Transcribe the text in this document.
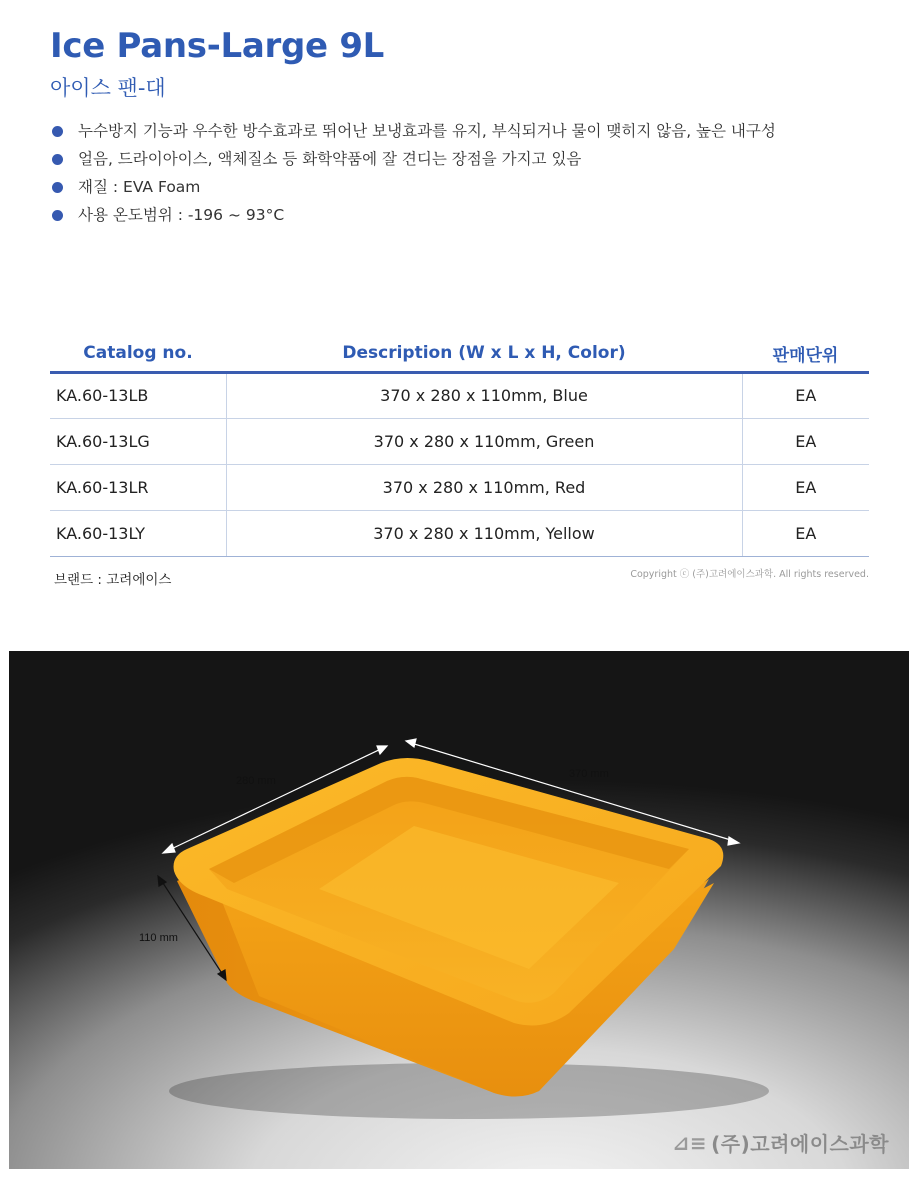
Ice Pans-Large 9L
아이스 팬-대
누수방지 기능과 우수한 방수효과로 뛰어난 보냉효과를 유지, 부식되거나 물이 맺히지 않음, 높은 내구성
얼음, 드라이아이스, 액체질소 등 화학약품에 잘 견디는 장점을 가지고 있음
재질 : EVA Foam
사용 온도범위 : -196 ~ 93°C
Catalog no.	Description (W x L x H, Color)	판매단위
KA.60-13LB	370 x 280 x 110mm, Blue	EA
KA.60-13LG	370 x 280 x 110mm, Green	EA
KA.60-13LR	370 x 280 x 110mm, Red	EA
KA.60-13LY	370 x 280 x 110mm, Yellow	EA
브랜드 : 고려에이스	Copyright ⓒ (주)고려에이스과학. All rights reserved.
280 mm
370 mm
110 mm
⊿≡ (주)고려에이스과학
